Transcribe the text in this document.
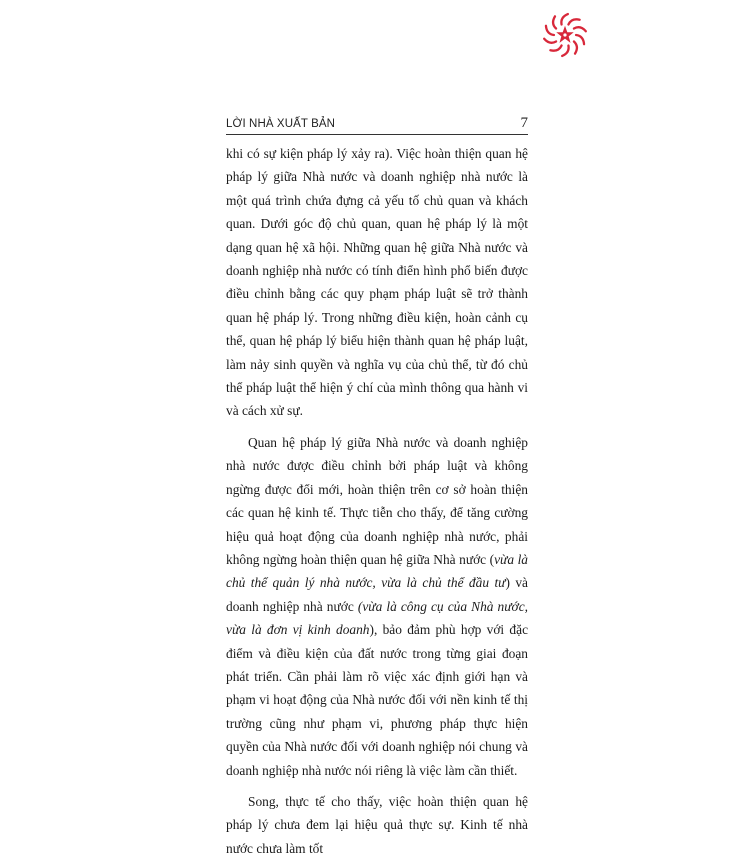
LỜI NHÀ XUẤT BẢN	7

khi có sự kiện pháp lý xảy ra). Việc hoàn thiện quan hệ pháp lý giữa Nhà nước và doanh nghiệp nhà nước là một quá trình chứa đựng cả yếu tố chủ quan và khách quan. Dưới góc độ chủ quan, quan hệ pháp lý là một dạng quan hệ xã hội. Những quan hệ giữa Nhà nước và doanh nghiệp nhà nước có tính điển hình phổ biến được điều chỉnh bằng các quy phạm pháp luật sẽ trở thành quan hệ pháp lý. Trong những điều kiện, hoàn cảnh cụ thể, quan hệ pháp lý biểu hiện thành quan hệ pháp luật, làm nảy sinh quyền và nghĩa vụ của chủ thể, từ đó chủ thể pháp luật thể hiện ý chí của mình thông qua hành vi và cách xử sự.

Quan hệ pháp lý giữa Nhà nước và doanh nghiệp nhà nước được điều chỉnh bởi pháp luật và không ngừng được đổi mới, hoàn thiện trên cơ sở hoàn thiện các quan hệ kinh tế. Thực tiễn cho thấy, để tăng cường hiệu quả hoạt động của doanh nghiệp nhà nước, phải không ngừng hoàn thiện quan hệ giữa Nhà nước (vừa là chủ thể quản lý nhà nước, vừa là chủ thể đầu tư) và doanh nghiệp nhà nước (vừa là công cụ của Nhà nước, vừa là đơn vị kinh doanh), bảo đảm phù hợp với đặc điểm và điều kiện của đất nước trong từng giai đoạn phát triển. Cần phải làm rõ việc xác định giới hạn và phạm vi hoạt động của Nhà nước đối với nền kinh tế thị trường cũng như phạm vi, phương pháp thực hiện quyền của Nhà nước đối với doanh nghiệp nói chung và doanh nghiệp nhà nước nói riêng là việc làm cần thiết.

Song, thực tế cho thấy, việc hoàn thiện quan hệ pháp lý chưa đem lại hiệu quả thực sự. Kinh tế nhà nước chưa làm tốt
